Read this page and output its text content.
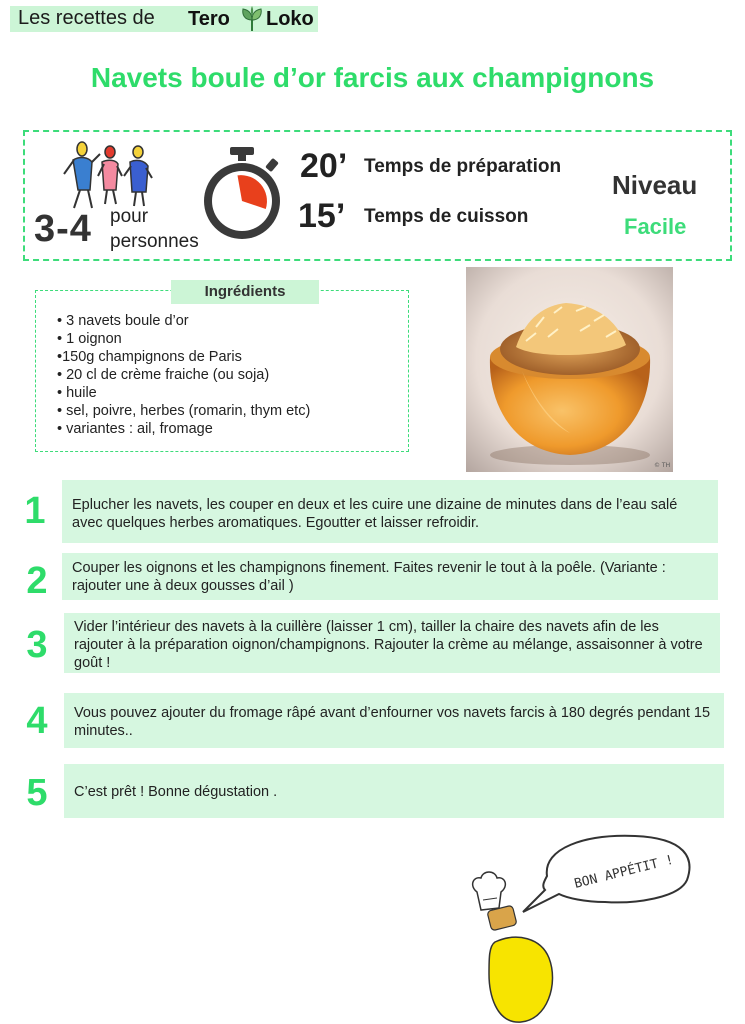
Les recettes de Tero Loko
Navets boule d’or farcis aux champignons
3-4 pour
personnes
20’ Temps de préparation
15’ Temps de cuisson
Niveau
Facile
Ingrédients
• 3 navets boule d’or
• 1 oignon
•150g champignons de Paris
• 20 cl de crème fraiche (ou soja)
• huile
• sel, poivre, herbes (romarin, thym etc)
• variantes : ail, fromage
© TH
1	Eplucher les navets, les couper en deux et les cuire une dizaine de minutes dans de l’eau salé avec quelques herbes aromatiques. Egoutter et laisser refroidir.
2	Couper les oignons et les champignons finement. Faites revenir le tout à la poêle. (Variante : rajouter une à deux gousses d’ail )
3	Vider l’intérieur des navets à la cuillère (laisser 1 cm), tailler la chaire des navets afin de les rajouter à la préparation oignon/champignons. Rajouter la crème au mélange, assaisonner à votre goût !
4	Vous pouvez ajouter du fromage râpé avant d’enfourner vos navets farcis à 180 degrés pendant 15 minutes..
5	C’est prêt ! Bonne dégustation .
BON APPÉTIT !
